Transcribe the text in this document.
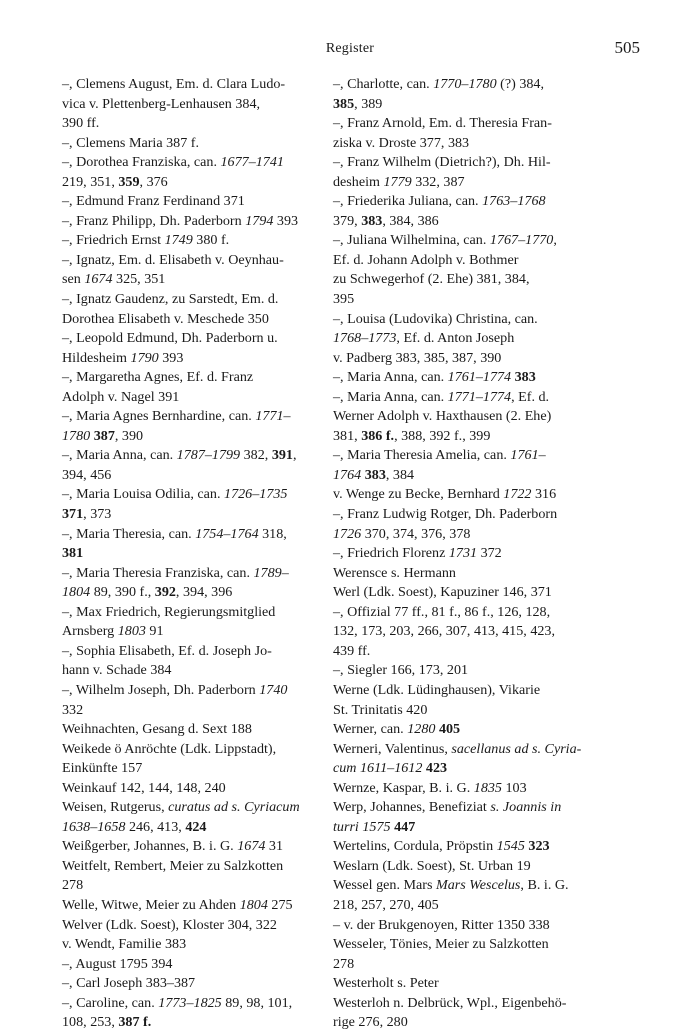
Register	505
–, Clemens August, Em. d. Clara Ludo-
vica v. Plettenberg-Lenhausen 384,
390 ff.
–, Clemens Maria 387 f.
–, Dorothea Franziska, can. 1677–1741
219, 351, 359, 376
–, Edmund Franz Ferdinand 371
–, Franz Philipp, Dh. Paderborn 1794 393
–, Friedrich Ernst 1749 380 f.
–, Ignatz, Em. d. Elisabeth v. Oeynhau-
sen 1674 325, 351
–, Ignatz Gaudenz, zu Sarstedt, Em. d.
Dorothea Elisabeth v. Meschede 350
–, Leopold Edmund, Dh. Paderborn u.
Hildesheim 1790 393
–, Margaretha Agnes, Ef. d. Franz
Adolph v. Nagel 391
–, Maria Agnes Bernhardine, can. 1771–
1780 387, 390
–, Maria Anna, can. 1787–1799 382, 391,
394, 456
–, Maria Louisa Odilia, can. 1726–1735
371, 373
–, Maria Theresia, can. 1754–1764 318,
381
–, Maria Theresia Franziska, can. 1789–
1804 89, 390 f., 392, 394, 396
–, Max Friedrich, Regierungsmitglied
Arnsberg 1803 91
–, Sophia Elisabeth, Ef. d. Joseph Jo-
hann v. Schade 384
–, Wilhelm Joseph, Dh. Paderborn 1740
332
Weihnachten, Gesang d. Sext 188
Weikede ö Anröchte (Ldk. Lippstadt),
Einkünfte 157
Weinkauf 142, 144, 148, 240
Weisen, Rutgerus, curatus ad s. Cyriacum
1638–1658 246, 413, 424
Weißgerber, Johannes, B. i. G. 1674 31
Weitfelt, Rembert, Meier zu Salzkotten
278
Welle, Witwe, Meier zu Ahden 1804 275
Welver (Ldk. Soest), Kloster 304, 322
v. Wendt, Familie 383
–, August 1795 394
–, Carl Joseph 383–387
–, Caroline, can. 1773–1825 89, 98, 101,
108, 253, 387 f.
–, Charlotte, can. 1770–1780 (?) 384,
385, 389
–, Franz Arnold, Em. d. Theresia Fran-
ziska v. Droste 377, 383
–, Franz Wilhelm (Dietrich?), Dh. Hil-
desheim 1779 332, 387
–, Friederika Juliana, can. 1763–1768
379, 383, 384, 386
–, Juliana Wilhelmina, can. 1767–1770,
Ef. d. Johann Adolph v. Bothmer
zu Schwegerhof (2. Ehe) 381, 384,
395
–, Louisa (Ludovika) Christina, can.
1768–1773, Ef. d. Anton Joseph
v. Padberg 383, 385, 387, 390
–, Maria Anna, can. 1761–1774 383
–, Maria Anna, can. 1771–1774, Ef. d.
Werner Adolph v. Haxthausen (2. Ehe)
381, 386 f., 388, 392 f., 399
–, Maria Theresia Amelia, can. 1761–
1764 383, 384
v. Wenge zu Becke, Bernhard 1722 316
–, Franz Ludwig Rotger, Dh. Paderborn
1726 370, 374, 376, 378
–, Friedrich Florenz 1731 372
Werensce s. Hermann
Werl (Ldk. Soest), Kapuziner 146, 371
–, Offizial 77 ff., 81 f., 86 f., 126, 128,
132, 173, 203, 266, 307, 413, 415, 423,
439 ff.
–, Siegler 166, 173, 201
Werne (Ldk. Lüdinghausen), Vikarie
St. Trinitatis 420
Werner, can. 1280 405
Werneri, Valentinus, sacellanus ad s. Cyria-
cum 1611–1612 423
Wernze, Kaspar, B. i. G. 1835 103
Werp, Johannes, Benefiziat s. Joannis in
turri 1575 447
Wertelins, Cordula, Pröpstin 1545 323
Weslarn (Ldk. Soest), St. Urban 19
Wessel gen. Mars Mars Wescelus, B. i. G.
218, 257, 270, 405
– v. der Brukgenoyen, Ritter 1350 338
Wesseler, Tönies, Meier zu Salzkotten
278
Westerholt s. Peter
Westerloh n. Delbrück, Wpl., Eigenbehö-
rige 276, 280
